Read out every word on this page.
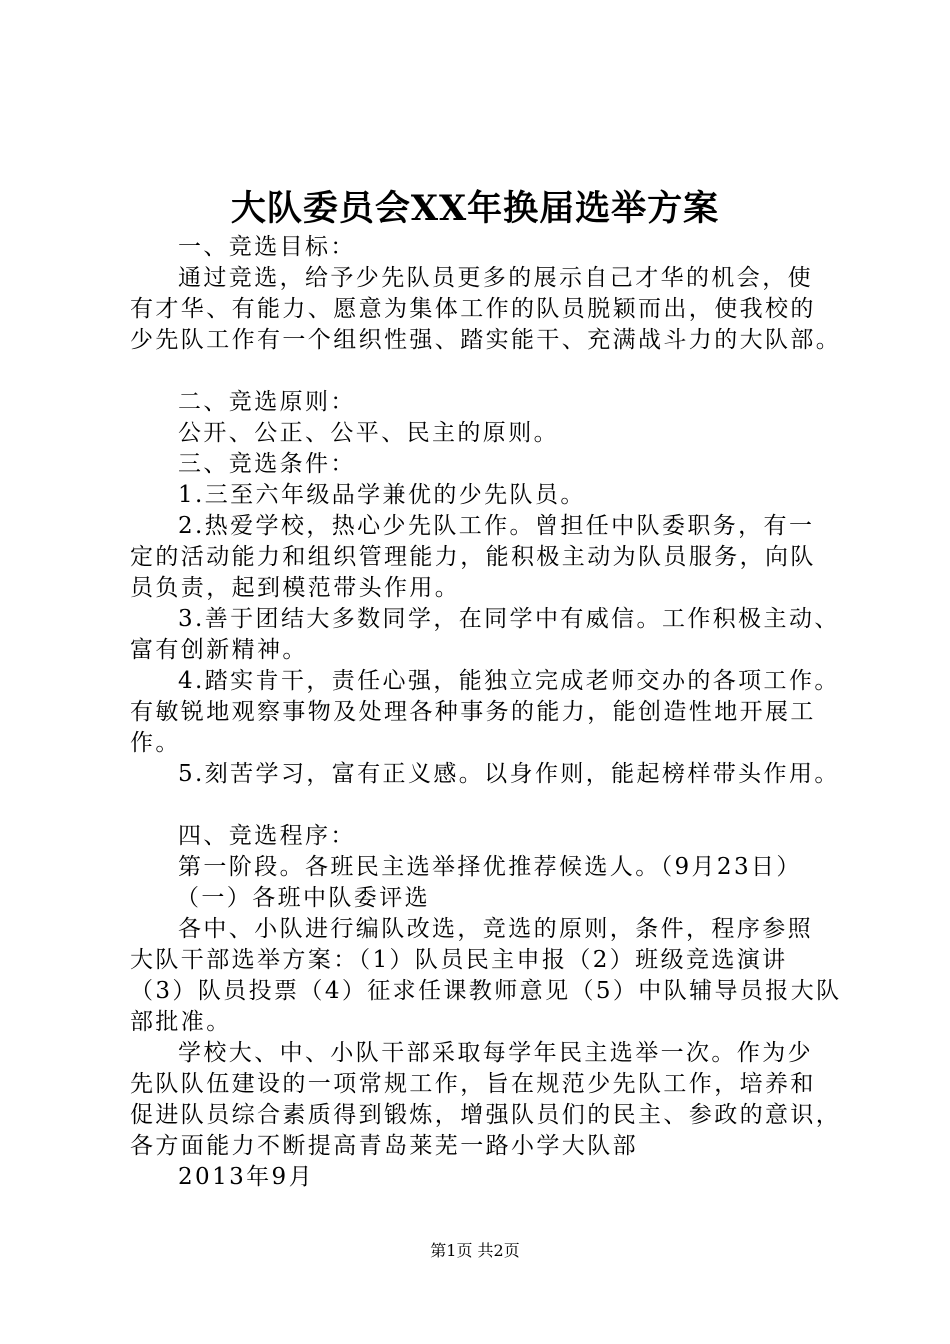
大队委员会XX年换届选举方案
一、竞选目标：
通过竞选，给予少先队员更多的展示自己才华的机会，使
有才华、有能力、愿意为集体工作的队员脱颖而出，使我校的
少先队工作有一个组织性强、踏实能干、充满战斗力的大队部。
二、竞选原则：
公开、公正、公平、民主的原则。
三、竞选条件：
1.三至六年级品学兼优的少先队员。
2.热爱学校，热心少先队工作。曾担任中队委职务，有一
定的活动能力和组织管理能力，能积极主动为队员服务，向队
员负责，起到模范带头作用。
3.善于团结大多数同学，在同学中有威信。工作积极主动、
富有创新精神。
4.踏实肯干，责任心强，能独立完成老师交办的各项工作。
有敏锐地观察事物及处理各种事务的能力，能创造性地开展工
作。
5.刻苦学习，富有正义感。以身作则，能起榜样带头作用。
四、竞选程序：
第一阶段。各班民主选举择优推荐候选人。（9月23日）
（一）各班中队委评选
各中、小队进行编队改选，竞选的原则，条件，程序参照
大队干部选举方案：（1）队员民主申报（2）班级竞选演讲
（3）队员投票（4）征求任课教师意见（5）中队辅导员报大队
部批准。
学校大、中、小队干部采取每学年民主选举一次。作为少
先队队伍建设的一项常规工作，旨在规范少先队工作，培养和
促进队员综合素质得到锻炼，增强队员们的民主、参政的意识，
各方面能力不断提高青岛莱芜一路小学大队部
2013年9月
第1页 共2页
